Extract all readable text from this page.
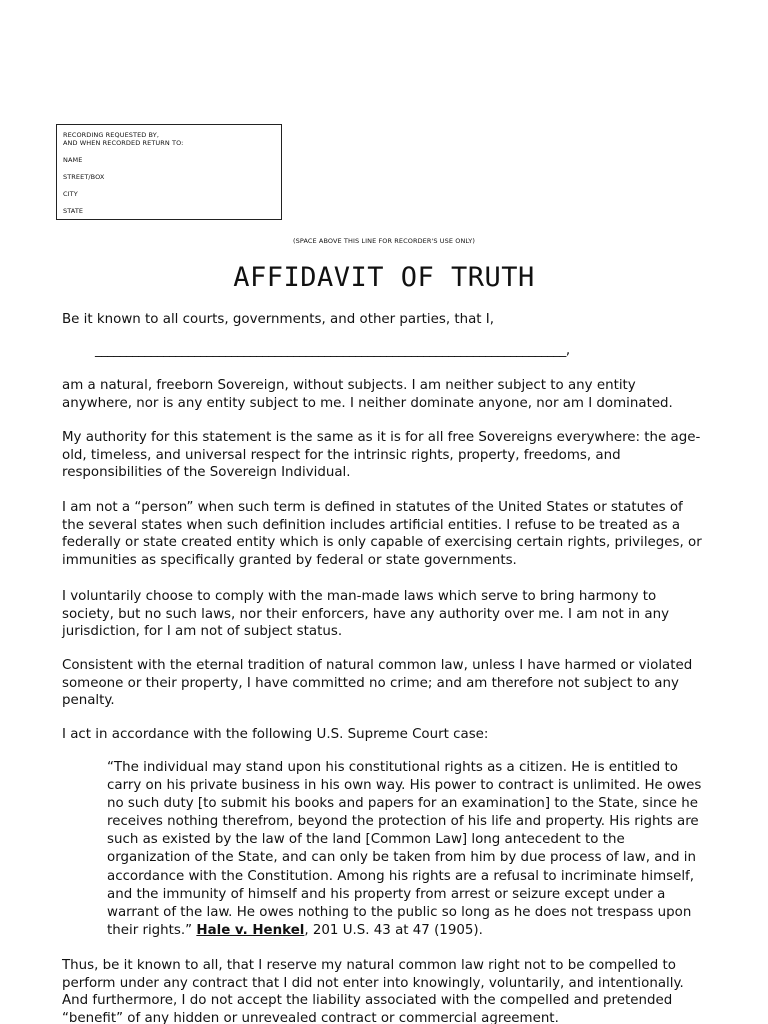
RECORDING REQUESTED BY,
AND WHEN RECORDED RETURN TO:
NAME
STREET/BOX
CITY
STATE
(SPACE ABOVE THIS LINE FOR RECORDER'S USE ONLY)
AFFIDAVIT OF TRUTH

Be it known to all courts, governments, and other parties, that I,

____________________________________________________________________________,

am a natural, freeborn Sovereign, without subjects. I am neither subject to any entity anywhere, nor is any entity subject to me. I neither dominate anyone, nor am I dominated.

My authority for this statement is the same as it is for all free Sovereigns everywhere: the age-old, timeless, and universal respect for the intrinsic rights, property, freedoms, and responsibilities of the Sovereign Individual.

I am not a “person” when such term is defined in statutes of the United States or statutes of the several states when such definition includes artificial entities. I refuse to be treated as a federally or state created entity which is only capable of exercising certain rights, privileges, or immunities as specifically granted by federal or state governments.

I voluntarily choose to comply with the man-made laws which serve to bring harmony to society, but no such laws, nor their enforcers, have any authority over me. I am not in any jurisdiction, for I am not of subject status.

Consistent with the eternal tradition of natural common law, unless I have harmed or violated someone or their property, I have committed no crime; and am therefore not subject to any penalty.

I act in accordance with the following U.S. Supreme Court case:

“The individual may stand upon his constitutional rights as a citizen. He is entitled to carry on his private business in his own way. His power to contract is unlimited. He owes no such duty [to submit his books and papers for an examination] to the State, since he receives nothing therefrom, beyond the protection of his life and property. His rights are such as existed by the law of the land [Common Law] long antecedent to the organization of the State, and can only be taken from him by due process of law, and in accordance with the Constitution. Among his rights are a refusal to incriminate himself, and the immunity of himself and his property from arrest or seizure except under a warrant of the law. He owes nothing to the public so long as he does not trespass upon their rights.” Hale v. Henkel, 201 U.S. 43 at 47 (1905).

Thus, be it known to all, that I reserve my natural common law right not to be compelled to perform under any contract that I did not enter into knowingly, voluntarily, and intentionally. And furthermore, I do not accept the liability associated with the compelled and pretended “benefit” of any hidden or unrevealed contract or commercial agreement.
